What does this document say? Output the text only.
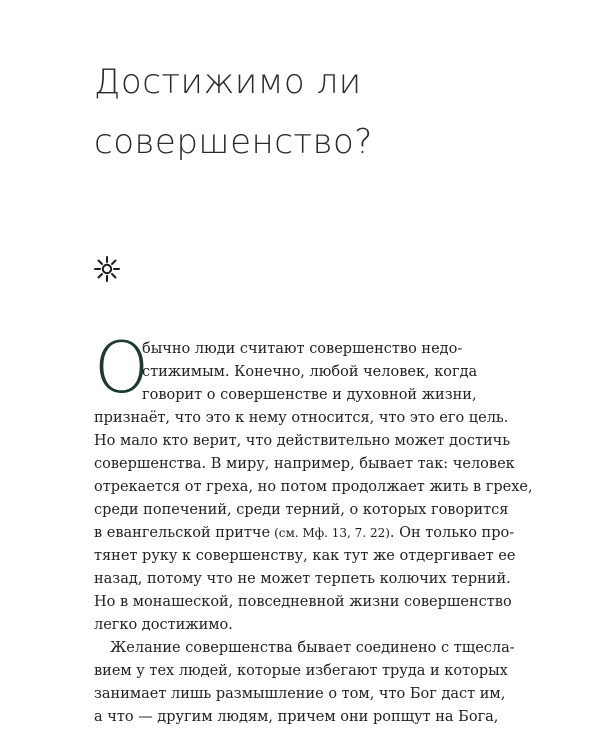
Достижимо ли
совершенство?
О
бычно люди считают совершенство недо-
стижимым. Конечно, любой человек, когда
говорит о совершенстве и духовной жизни,
признаёт, что это к нему относится, что это его цель.
Но мало кто верит, что действительно может достичь
совершенства. В миру, например, бывает так: человек
отрекается от греха, но потом продолжает жить в грехе,
среди попечений, среди терний, о которых говорится
в евангельской притче (см. Мф. 13, 7. 22). Он только про-
тянет руку к совершенству, как тут же отдергивает ее
назад, потому что не может терпеть колючих терний.
Но в монашеской, повседневной жизни совершенство
легко достижимо.
Желание совершенства бывает соединено с тщесла-
вием у тех людей, которые избегают труда и которых
занимает лишь размышление о том, что Бог даст им,
а что — другим людям, причем они ропщут на Бога,
